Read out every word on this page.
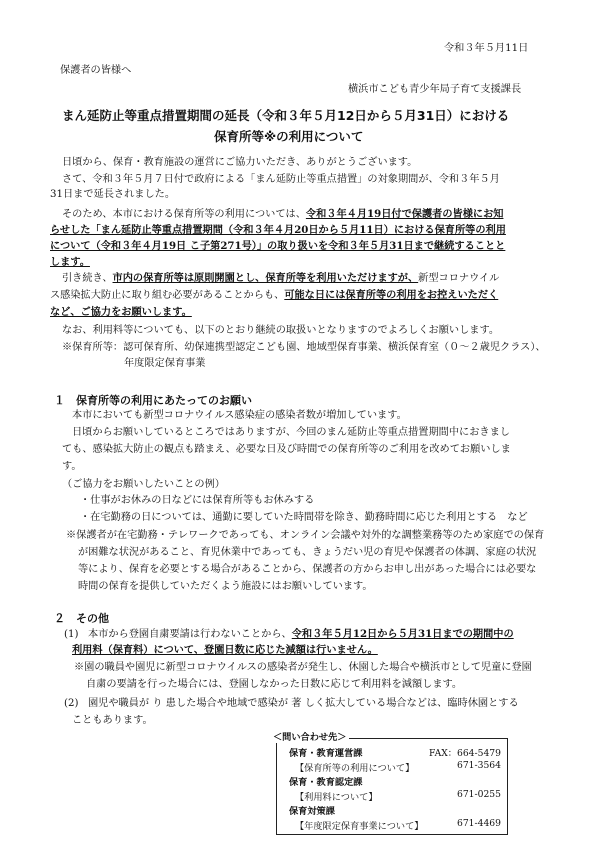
令和３年５月11日
保護者の皆様へ
横浜市こども青少年局子育て支援課長
まん延防止等重点措置期間の延長（令和３年５月12日から５月31日）における
保育所等※の利用について
日頃から、保育・教育施設の運営にご協力いただき、ありがとうございます。
さて、令和３年５月７日付で政府による「まん延防止等重点措置」の対象期間が、令和３年５月
31日まで延長されました。
そのため、本市における保育所等の利用については、令和３年４月19日付で保護者の皆様にお知
らせした「まん延防止等重点措置期間（令和３年４月20日から５月11日）における保育所等の利用
について（令和３年４月19日 こ子第271号）」の取り扱いを令和３年５月31日まで継続することと
します。
引き続き、市内の保育所等は原則開園とし、保育所等を利用いただけますが、新型コロナウイル
ス感染拡大防止に取り組む必要があることからも、可能な日には保育所等の利用をお控えいただく
など、ご協力をお願いします。
なお、利用料等についても、以下のとおり継続の取扱いとなりますのでよろしくお願いします。
※保育所等：認可保育所、幼保連携型認定こども園、地域型保育事業、横浜保育室（０～２歳児クラス）、
年度限定保育事業
１　保育所等の利用にあたってのお願い
本市においても新型コロナウイルス感染症の感染者数が増加しています。
日頃からお願いしているところではありますが、今回のまん延防止等重点措置期間中におきまし
ても、感染拡大防止の観点も踏まえ、必要な日及び時間での保育所等のご利用を改めてお願いしま
す。
（ご協力をお願いしたいことの例）
・仕事がお休みの日などには保育所等もお休みする
・在宅勤務の日については、通勤に要していた時間帯を除き、勤務時間に応じた利用とする　など
※保護者が在宅勤務・テレワークであっても、オンライン会議や対外的な調整業務等のため家庭での保育
が困難な状況があること、育児休業中であっても、きょうだい児の育児や保護者の体調、家庭の状況
等により、保育を必要とする場合があることから、保護者の方からお申し出があった場合には必要な
時間の保育を提供していただくよう施設にはお願いしています。
２　その他
(1) 本市から登園自粛要請は行わないことから、令和３年５月12日から５月31日までの期間中の
利用料（保育料）について、登園日数に応じた減額は行いません。
※園の職員や園児に新型コロナウイルスの感染者が発生し、休園した場合や横浜市として児童に登園
自粛の要請を行った場合には、登園しなかった日数に応じて利用料を減額します。
(2) 園児や職員が り 患した場合や地域で感染が 著 しく拡大している場合などは、臨時休園とする
こともあります。
＜問い合わせ先＞
保育・教育運営課	FAX：664-5479
【保育所等の利用について】	671-3564
保育・教育認定課
【利用料について】	671-0255
保育対策課
【年度限定保育事業について】	671-4469
